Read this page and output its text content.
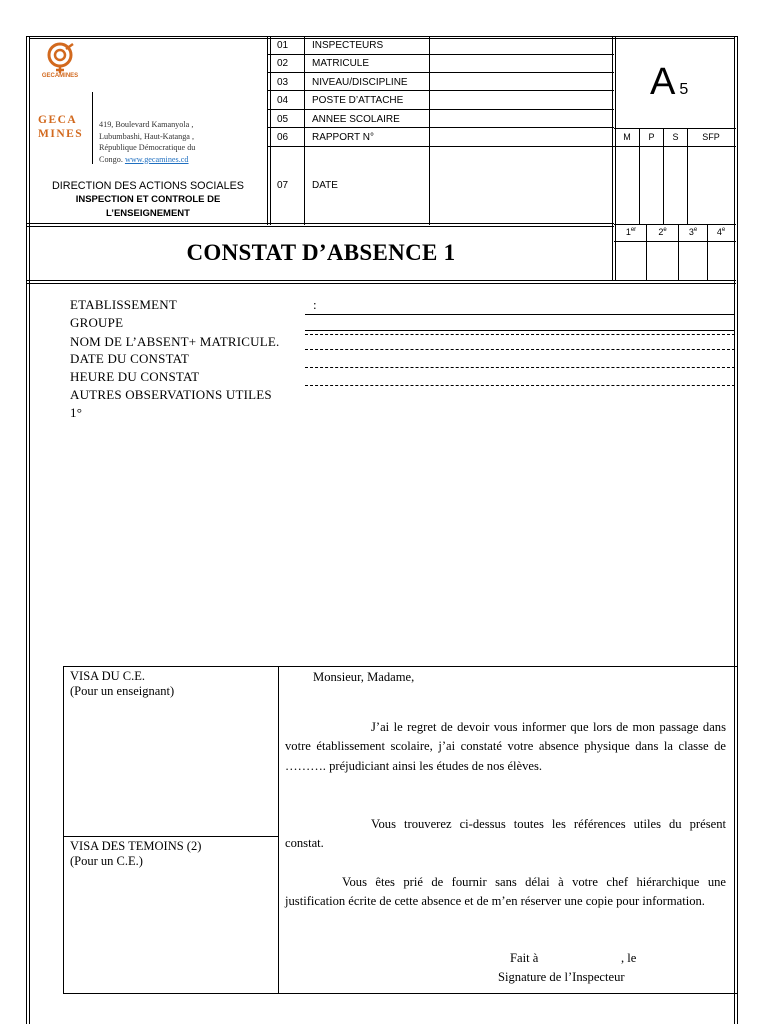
GECAMINES
GECA
MINES
419, Boulevard Kamanyola ,
Lubumbashi, Haut-Katanga ,
République Démocratique du
Congo. www.gecamines.cd
DIRECTION DES ACTIONS SOCIALES
INSPECTION ET CONTROLE DE
L’ENSEIGNEMENT
01 INSPECTEURS
02 MATRICULE
03 NIVEAU/DISCIPLINE
04 POSTE D’ATTACHE
05 ANNEE SCOLAIRE
06 RAPPORT N°
07 DATE
A 5
M	P	S	SFP
1er	2e	3e	4e
CONSTAT D’ABSENCE 1
ETABLISSEMENT
GROUPE
NOM DE L’ABSENT+ MATRICULE.
DATE DU CONSTAT
HEURE DU CONSTAT
AUTRES OBSERVATIONS UTILES
1°
:
VISA DU C.E.
(Pour un enseignant)
VISA DES TEMOINS (2)
(Pour un C.E.)
Monsieur, Madame,
J’ai le regret de devoir vous informer que lors de mon passage dans votre établissement scolaire, j’ai constaté votre absence physique dans la classe de ………. préjudiciant ainsi les études de nos élèves.
Vous trouverez ci-dessus toutes les références utiles du présent constat.
Vous êtes prié de fournir sans délai à votre chef hiérarchique une justification écrite de cette absence et de m’en réserver une copie pour information.
Fait à	, le
Signature de l’Inspecteur
